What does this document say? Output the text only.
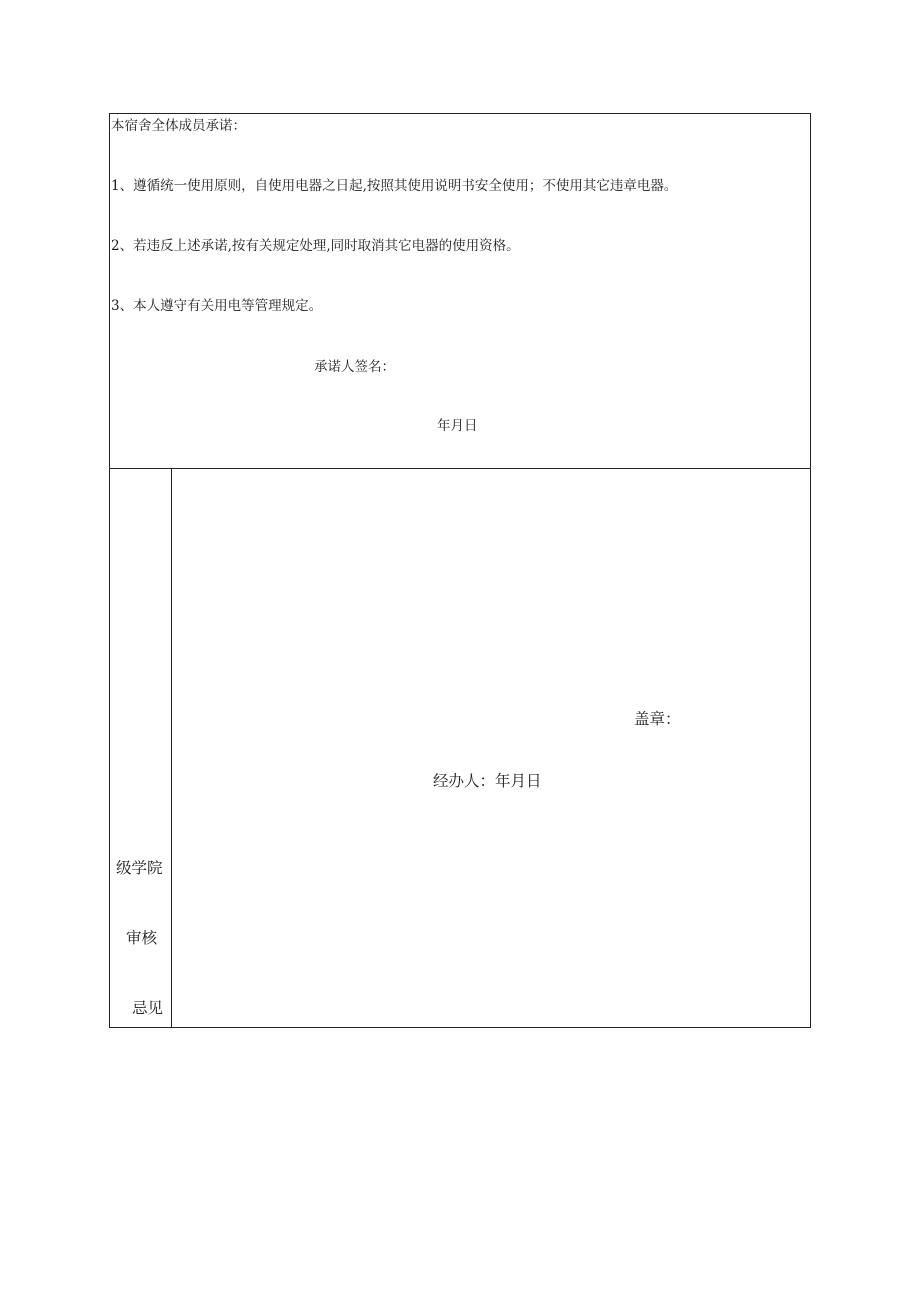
本宿舍全体成员承诺：
1、遵循统一使用原则，自使用电器之日起,按照其使用说明书安全使用；不使用其它违章电器。
2、若违反上述承诺,按有关规定处理,同时取消其它电器的使用资格。
3、本人遵守有关用电等管理规定。
承诺人签名：
年月日
级学院
审核
忌见
盖章：
经办人：年月日
